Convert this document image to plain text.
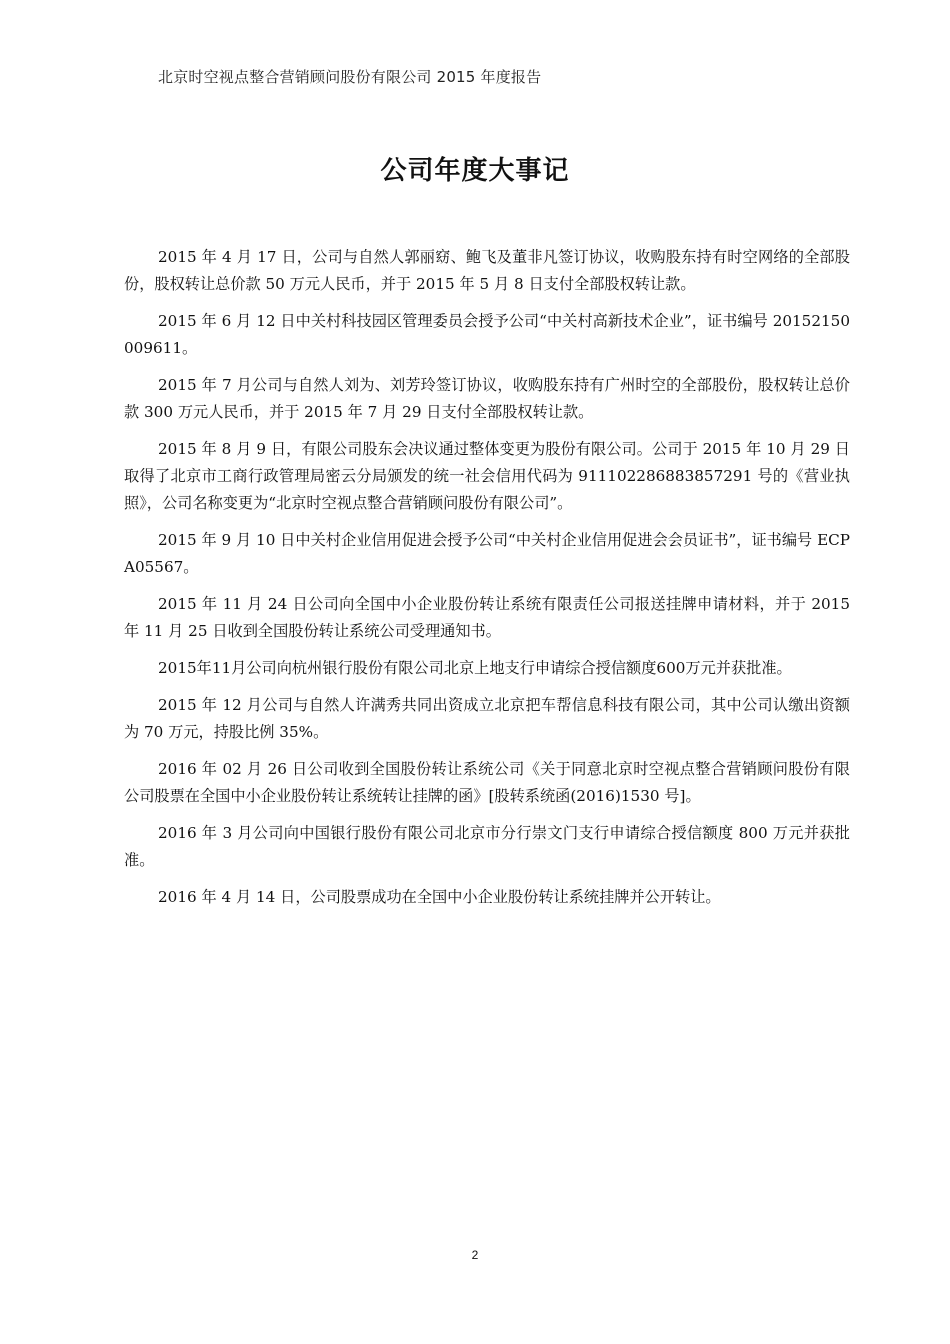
北京时空视点整合营销顾问股份有限公司 2015 年度报告
公司年度大事记

2015 年 4 月 17 日，公司与自然人郭丽窈、鲍飞及董非凡签订协议，收购股东持有时空网络的全部股份，股权转让总价款 50 万元人民币，并于 2015 年 5 月 8 日支付全部股权转让款。

2015 年 6 月 12 日中关村科技园区管理委员会授予公司“中关村高新技术企业”，证书编号 20152150009611。

2015 年 7 月公司与自然人刘为、刘芳玲签订协议，收购股东持有广州时空的全部股份，股权转让总价款 300 万元人民币，并于 2015 年 7 月 29 日支付全部股权转让款。

2015 年 8 月 9 日，有限公司股东会决议通过整体变更为股份有限公司。公司于 2015 年 10 月 29 日取得了北京市工商行政管理局密云分局颁发的统一社会信用代码为 911102286883857291 号的《营业执照》，公司名称变更为“北京时空视点整合营销顾问股份有限公司”。

2015 年 9 月 10 日中关村企业信用促进会授予公司“中关村企业信用促进会会员证书”，证书编号 ECPA05567。

2015 年 11 月 24 日公司向全国中小企业股份转让系统有限责任公司报送挂牌申请材料，并于 2015 年 11 月 25 日收到全国股份转让系统公司受理通知书。

2015年11月公司向杭州银行股份有限公司北京上地支行申请综合授信额度600万元并获批准。

2015 年 12 月公司与自然人许满秀共同出资成立北京把车帮信息科技有限公司，其中公司认缴出资额为 70 万元，持股比例 35%。

2016 年 02 月 26 日公司收到全国股份转让系统公司《关于同意北京时空视点整合营销顾问股份有限公司股票在全国中小企业股份转让系统转让挂牌的函》[股转系统函(2016)1530 号]。

2016 年 3 月公司向中国银行股份有限公司北京市分行崇文门支行申请综合授信额度 800 万元并获批准。

2016 年 4 月 14 日，公司股票成功在全国中小企业股份转让系统挂牌并公开转让。

2
